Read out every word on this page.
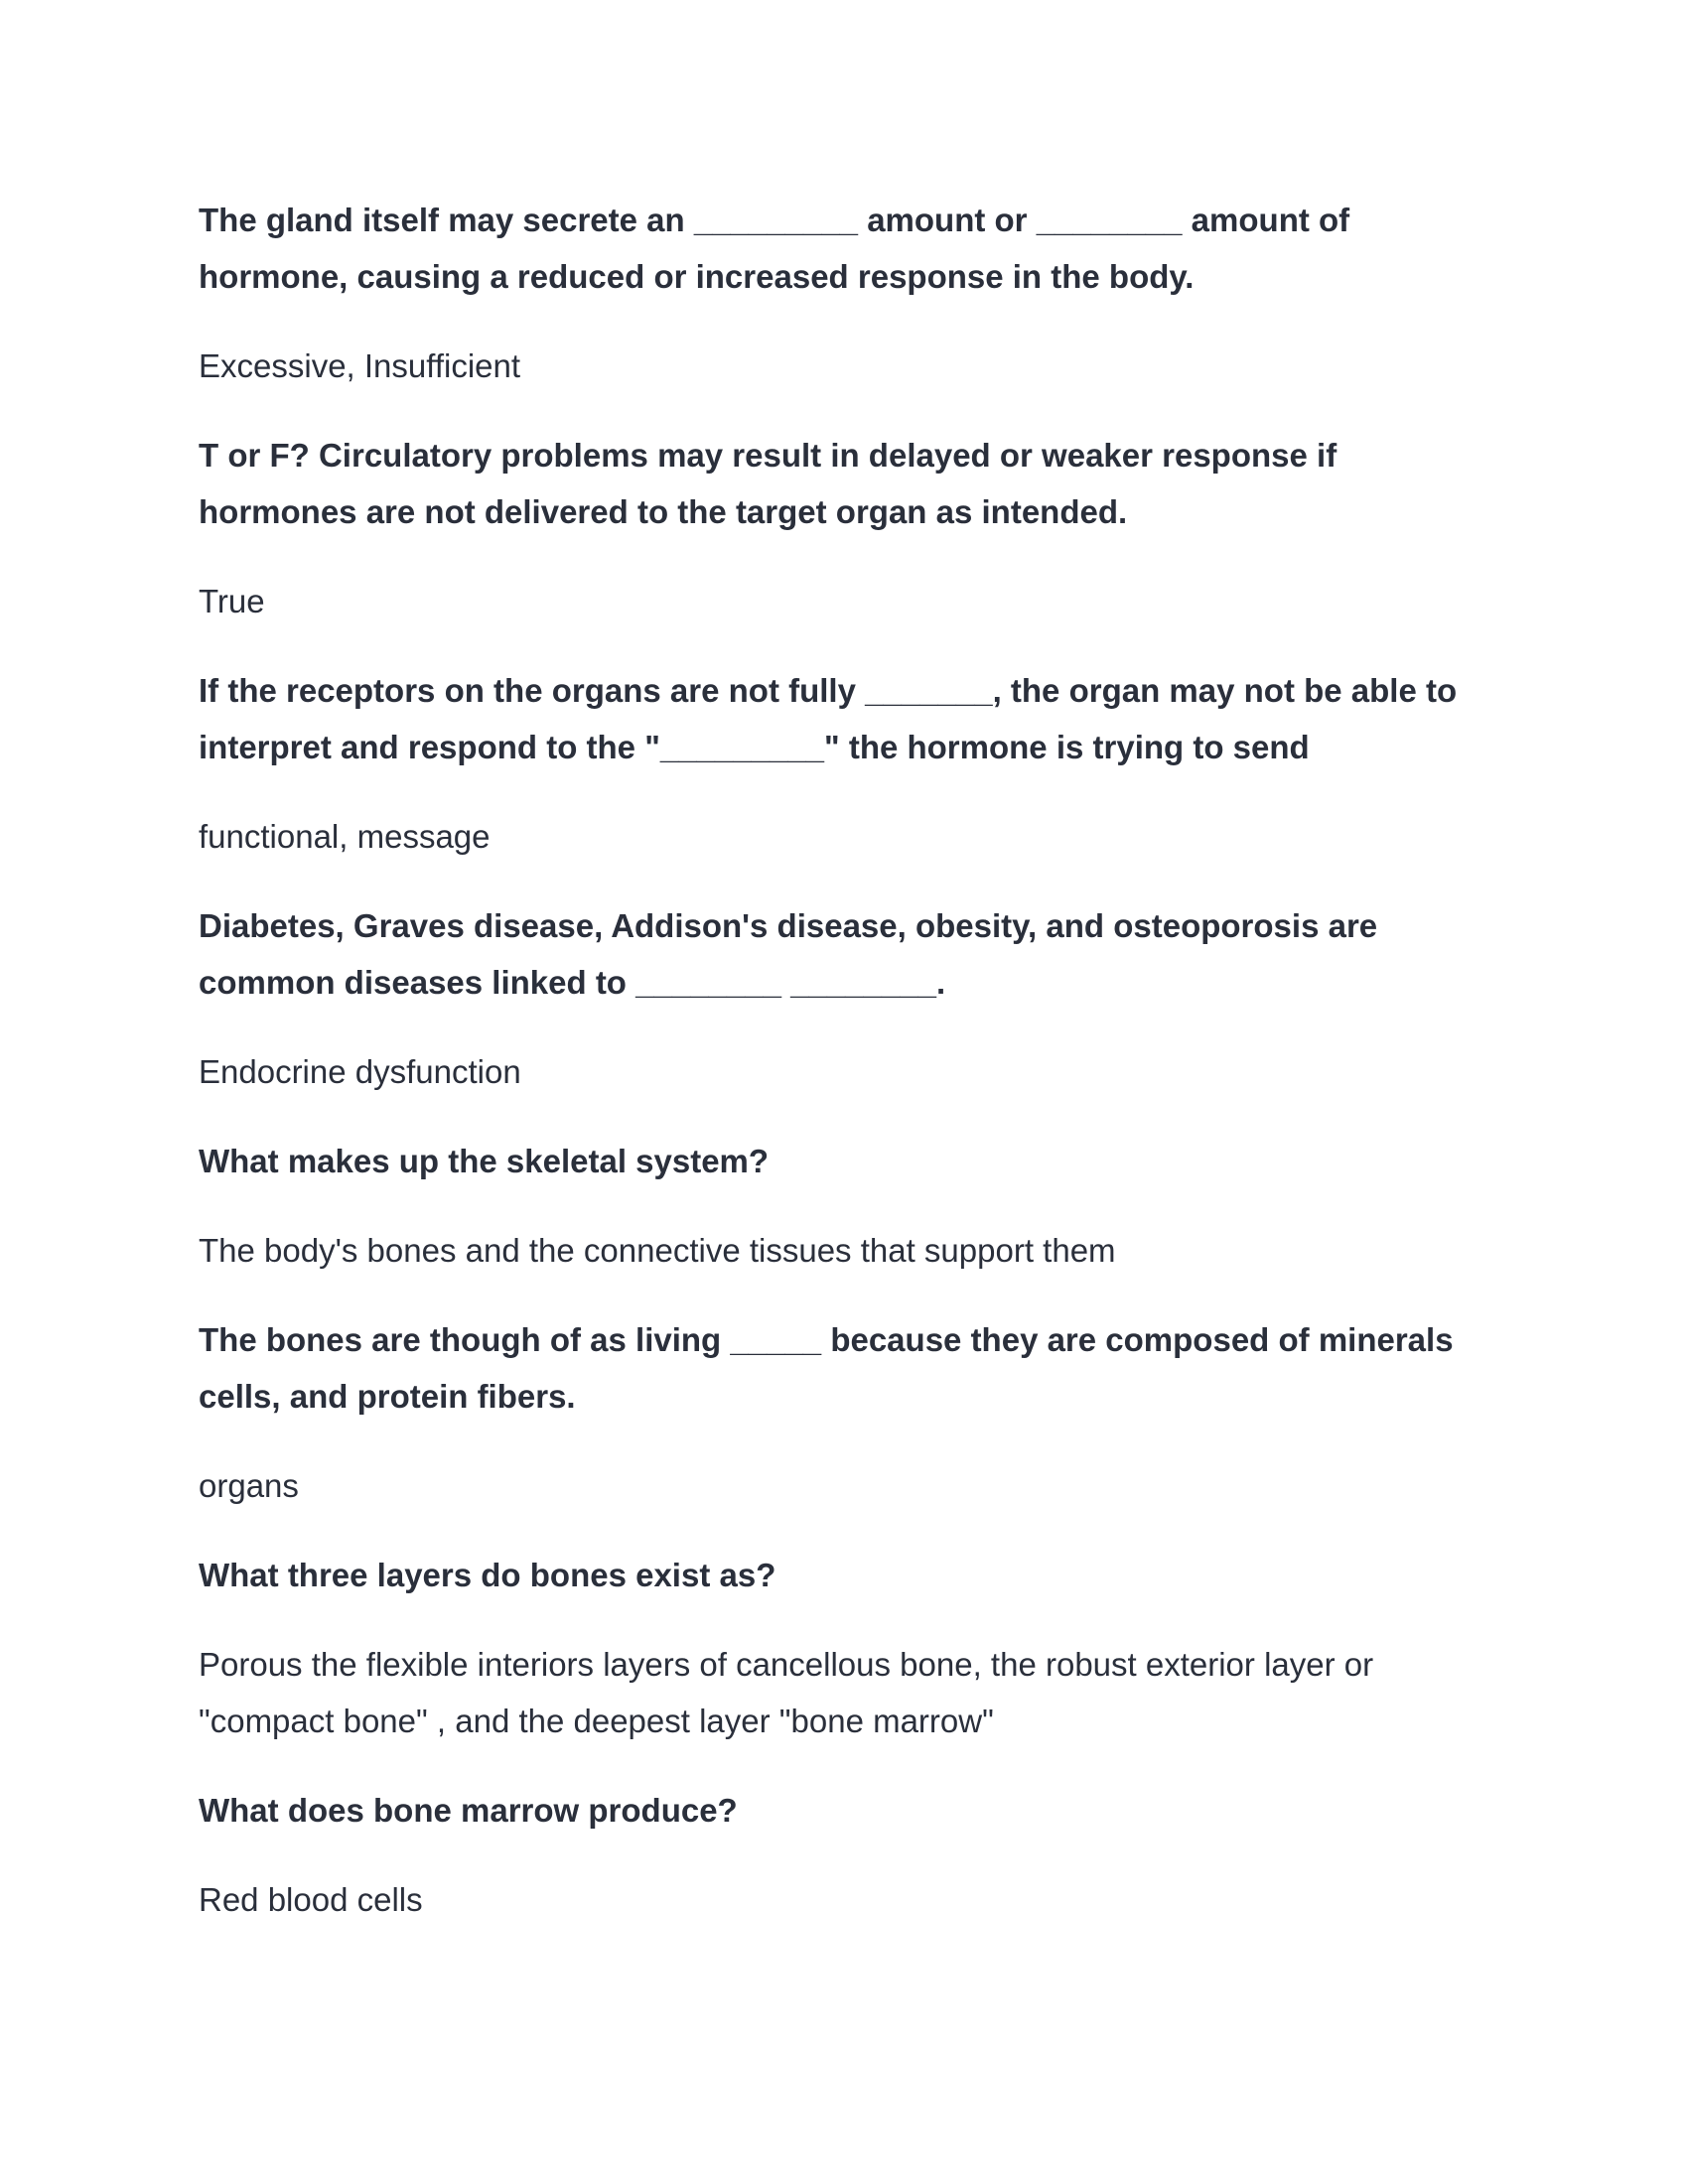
The gland itself may secrete an _________ amount or ________ amount of hormone, causing a reduced or increased response in the body.

Excessive, Insufficient

T or F? Circulatory problems may result in delayed or weaker response if hormones are not delivered to the target organ as intended.

True

If the receptors on the organs are not fully _______, the organ may not be able to interpret and respond to the "_________" the hormone is trying to send

functional, message

Diabetes, Graves disease, Addison's disease, obesity, and osteoporosis are common diseases linked to ________ ________.

Endocrine dysfunction

What makes up the skeletal system?

The body's bones and the connective tissues that support them

The bones are though of as living _____ because they are composed of minerals cells, and protein fibers.

organs

What three layers do bones exist as?

Porous the flexible interiors layers of cancellous bone, the robust exterior layer or "compact bone" , and the deepest layer "bone marrow"

What does bone marrow produce?

Red blood cells
